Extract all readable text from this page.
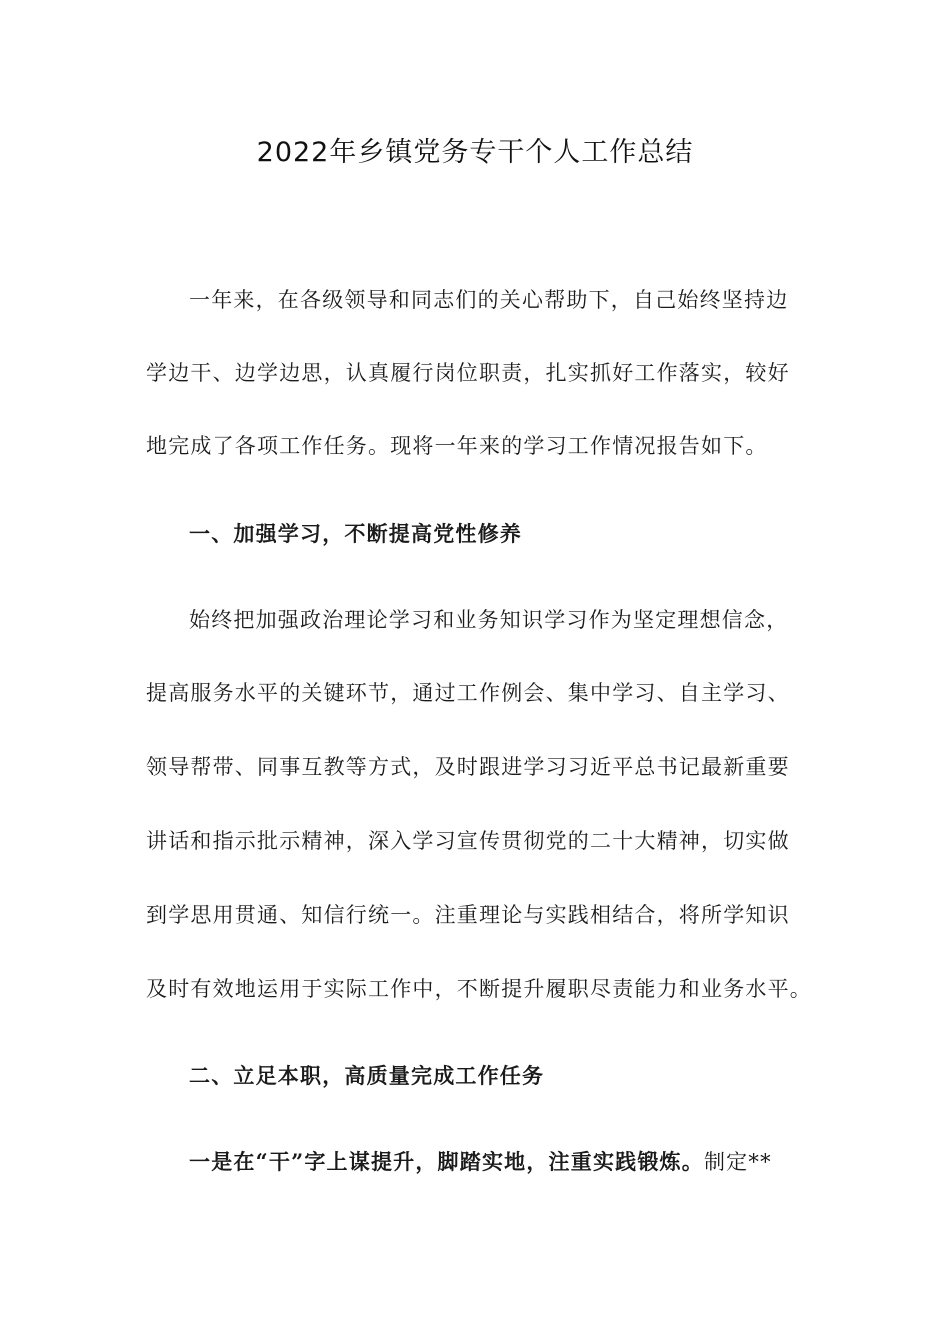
2022年乡镇党务专干个人工作总结
一年来，在各级领导和同志们的关心帮助下，自己始终坚持边
学边干、边学边思，认真履行岗位职责，扎实抓好工作落实，较好
地完成了各项工作任务。现将一年来的学习工作情况报告如下。
一、加强学习，不断提高党性修养
始终把加强政治理论学习和业务知识学习作为坚定理想信念，
提高服务水平的关键环节，通过工作例会、集中学习、自主学习、
领导帮带、同事互教等方式，及时跟进学习习近平总书记最新重要
讲话和指示批示精神，深入学习宣传贯彻党的二十大精神，切实做
到学思用贯通、知信行统一。注重理论与实践相结合，将所学知识
及时有效地运用于实际工作中，不断提升履职尽责能力和业务水平。
二、立足本职，高质量完成工作任务
一是在“干”字上谋提升，脚踏实地，注重实践锻炼。制定**
